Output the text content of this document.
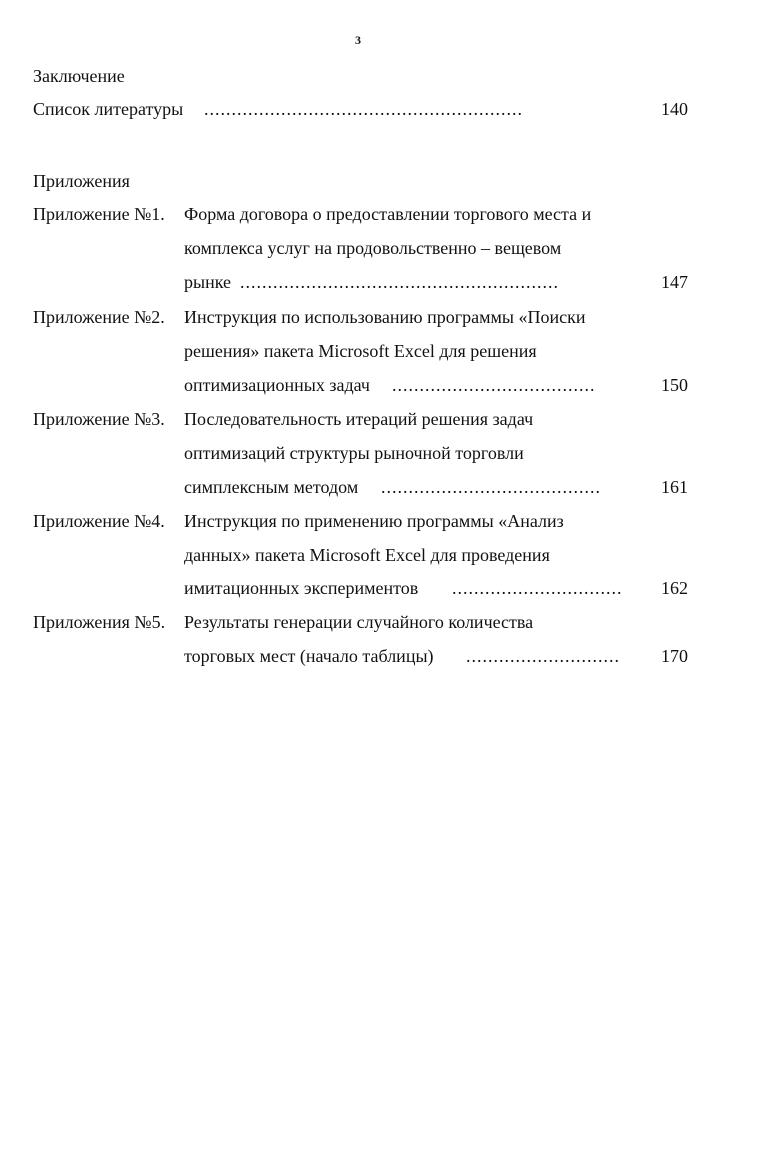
3
Заключение
Список литературы ..........................................................	140
Приложения
Приложение №1. Форма договора о предоставлении торгового места и
комплекса услуг на продовольственно – вещевом
рынке ..........................................................	147
Приложение №2. Инструкция по использованию программы «Поиски
решения» пакета Microsoft Excel для решения
оптимизационных задач .....................................	150
Приложение №3. Последовательность итераций решения задач
оптимизаций структуры рыночной торговли
симплексным методом ........................................	161
Приложение №4. Инструкция по применению программы «Анализ
данных» пакета Microsoft Excel для проведения
имитационных экспериментов ............................... 162
Приложения №5. Результаты генерации случайного количества
торговых мест (начало таблицы) ............................ 170
